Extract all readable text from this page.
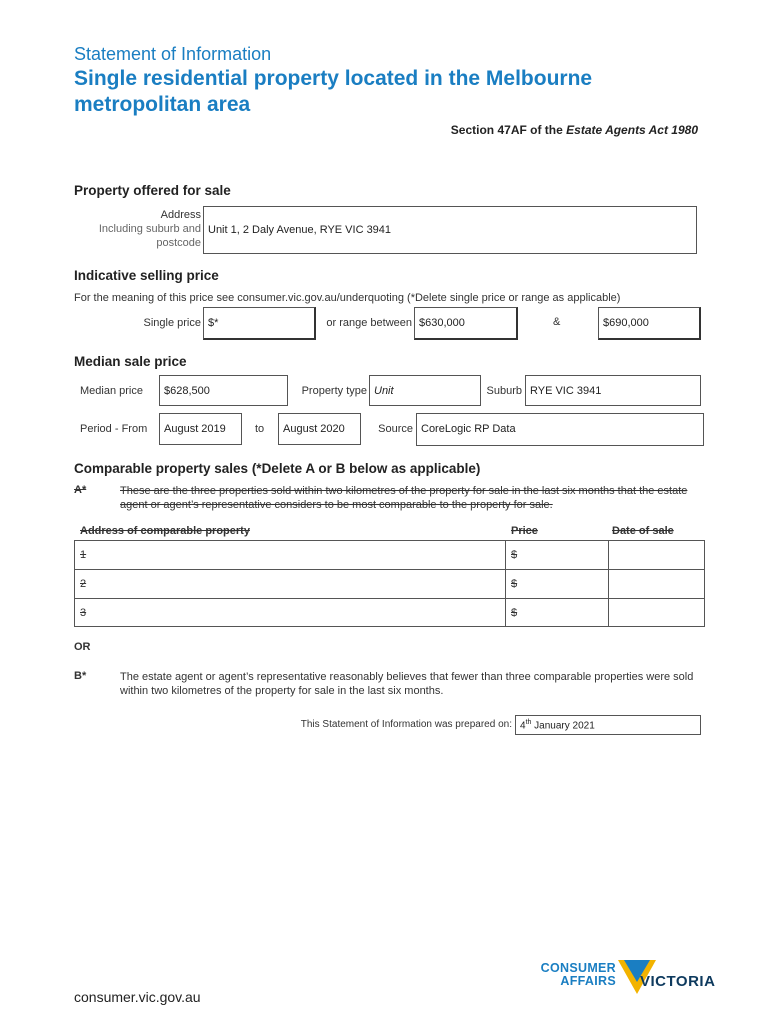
Statement of Information
Single residential property located in the Melbourne metropolitan area
Section 47AF of the Estate Agents Act 1980
Property offered for sale
Address
Including suburb and
postcode
Unit 1, 2 Daly Avenue, RYE VIC 3941
Indicative selling price
For the meaning of this price see consumer.vic.gov.au/underquoting (*Delete single price or range as applicable)
Single price $*	or range between $630,000	&	$690,000
Median sale price
Median price	$628,500	Property type Unit	Suburb RYE VIC 3941
Period - From	August 2019	to	August 2020	Source CoreLogic RP Data
Comparable property sales (*Delete A or B below as applicable)
A*	These are the three properties sold within two kilometres of the property for sale in the last six months that the estate agent or agent’s representative considers to be most comparable to the property for sale.
Address of comparable property	Price	Date of sale
1	$
2	$
3	$
OR
B*	The estate agent or agent’s representative reasonably believes that fewer than three comparable properties were sold within two kilometres of the property for sale in the last six months.
This Statement of Information was prepared on: 4th January 2021
consumer.vic.gov.au
CONSUMER
AFFAIRS VICTORIA
